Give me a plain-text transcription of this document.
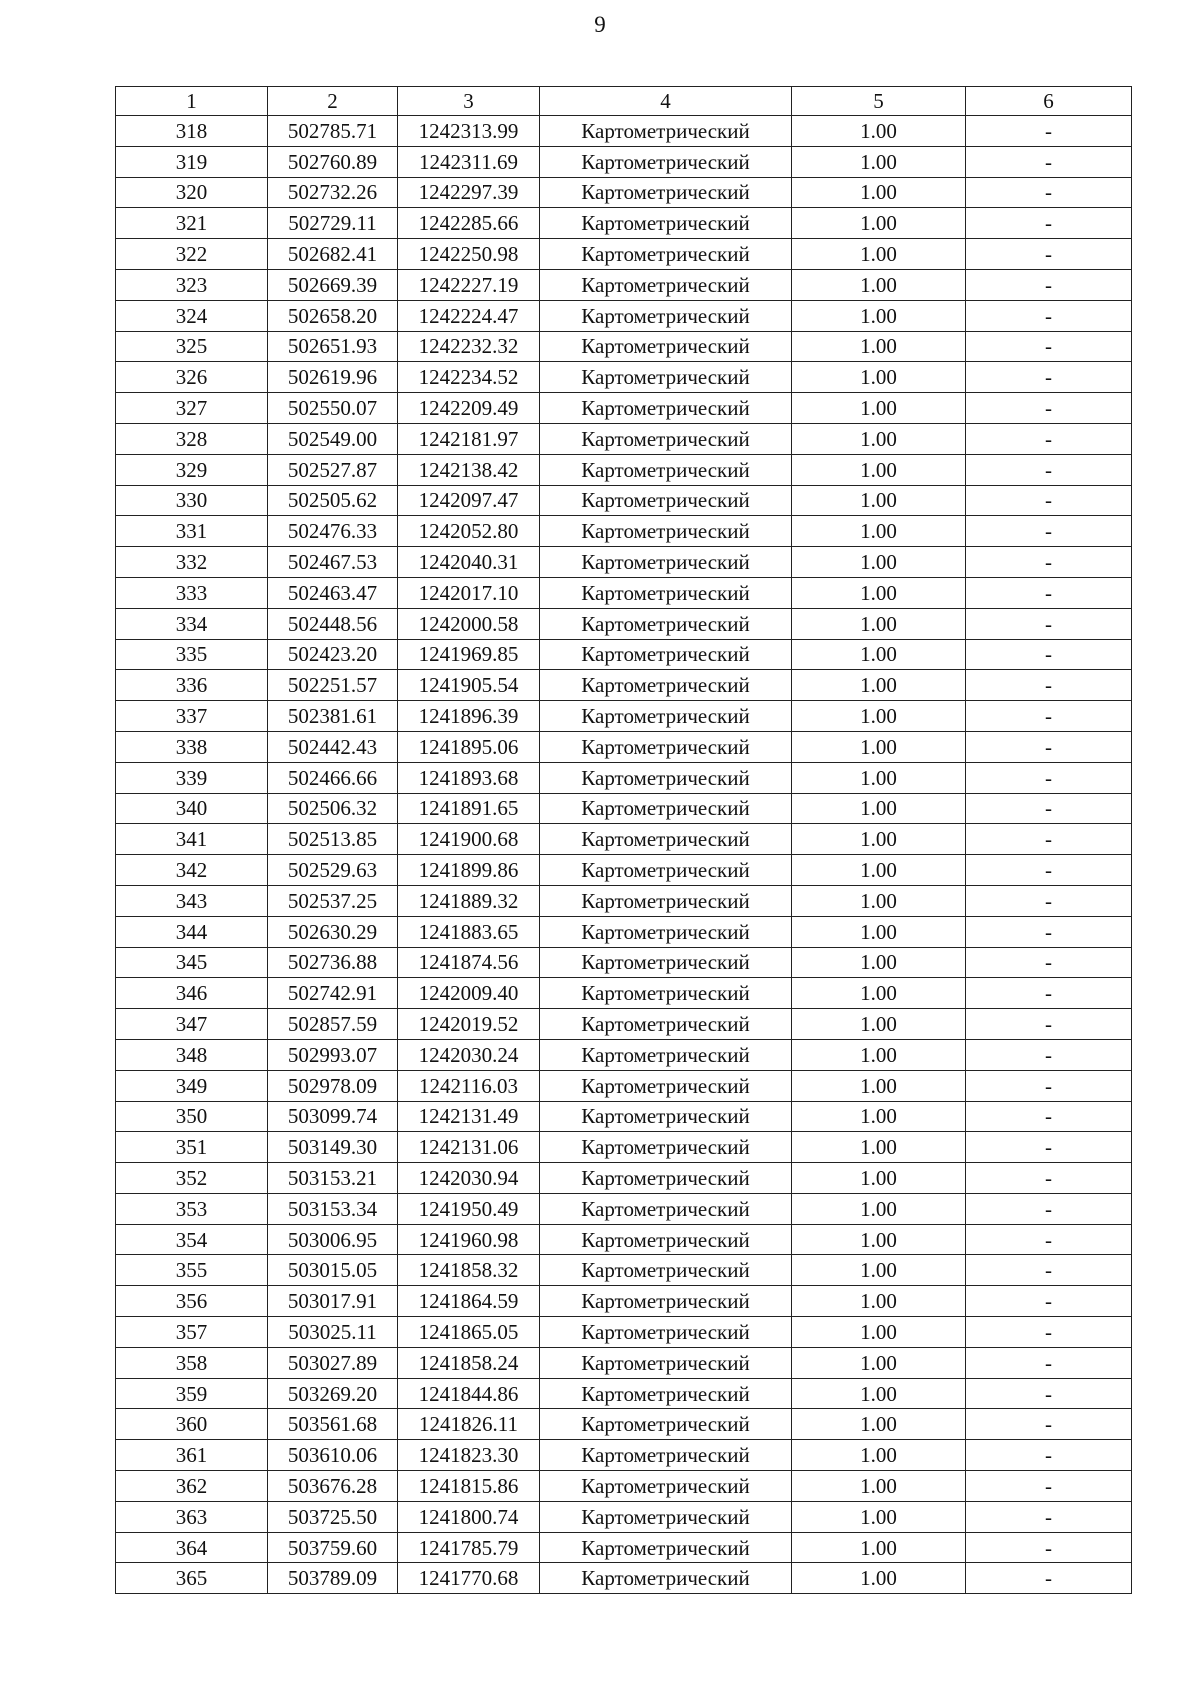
9
1	2	3	4	5	6
318	502785.71	1242313.99	Картометрический	1.00	-
319	502760.89	1242311.69	Картометрический	1.00	-
320	502732.26	1242297.39	Картометрический	1.00	-
321	502729.11	1242285.66	Картометрический	1.00	-
322	502682.41	1242250.98	Картометрический	1.00	-
323	502669.39	1242227.19	Картометрический	1.00	-
324	502658.20	1242224.47	Картометрический	1.00	-
325	502651.93	1242232.32	Картометрический	1.00	-
326	502619.96	1242234.52	Картометрический	1.00	-
327	502550.07	1242209.49	Картометрический	1.00	-
328	502549.00	1242181.97	Картометрический	1.00	-
329	502527.87	1242138.42	Картометрический	1.00	-
330	502505.62	1242097.47	Картометрический	1.00	-
331	502476.33	1242052.80	Картометрический	1.00	-
332	502467.53	1242040.31	Картометрический	1.00	-
333	502463.47	1242017.10	Картометрический	1.00	-
334	502448.56	1242000.58	Картометрический	1.00	-
335	502423.20	1241969.85	Картометрический	1.00	-
336	502251.57	1241905.54	Картометрический	1.00	-
337	502381.61	1241896.39	Картометрический	1.00	-
338	502442.43	1241895.06	Картометрический	1.00	-
339	502466.66	1241893.68	Картометрический	1.00	-
340	502506.32	1241891.65	Картометрический	1.00	-
341	502513.85	1241900.68	Картометрический	1.00	-
342	502529.63	1241899.86	Картометрический	1.00	-
343	502537.25	1241889.32	Картометрический	1.00	-
344	502630.29	1241883.65	Картометрический	1.00	-
345	502736.88	1241874.56	Картометрический	1.00	-
346	502742.91	1242009.40	Картометрический	1.00	-
347	502857.59	1242019.52	Картометрический	1.00	-
348	502993.07	1242030.24	Картометрический	1.00	-
349	502978.09	1242116.03	Картометрический	1.00	-
350	503099.74	1242131.49	Картометрический	1.00	-
351	503149.30	1242131.06	Картометрический	1.00	-
352	503153.21	1242030.94	Картометрический	1.00	-
353	503153.34	1241950.49	Картометрический	1.00	-
354	503006.95	1241960.98	Картометрический	1.00	-
355	503015.05	1241858.32	Картометрический	1.00	-
356	503017.91	1241864.59	Картометрический	1.00	-
357	503025.11	1241865.05	Картометрический	1.00	-
358	503027.89	1241858.24	Картометрический	1.00	-
359	503269.20	1241844.86	Картометрический	1.00	-
360	503561.68	1241826.11	Картометрический	1.00	-
361	503610.06	1241823.30	Картометрический	1.00	-
362	503676.28	1241815.86	Картометрический	1.00	-
363	503725.50	1241800.74	Картометрический	1.00	-
364	503759.60	1241785.79	Картометрический	1.00	-
365	503789.09	1241770.68	Картометрический	1.00	-
